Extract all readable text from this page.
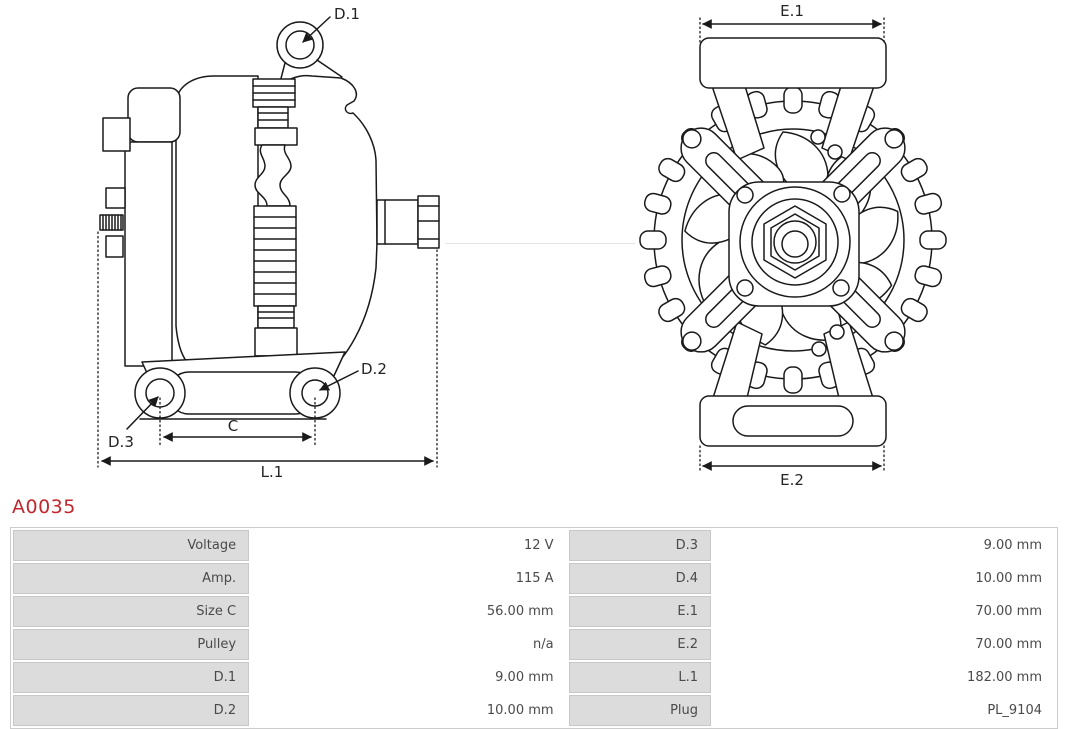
C
L.1
D.1
D.2
D.3
E.1
E.2
A0035
Voltage	12 V	D.3	9.00 mm
Amp.	115 A	D.4	10.00 mm
Size C	56.00 mm	E.1	70.00 mm
Pulley	n/a	E.2	70.00 mm
D.1	9.00 mm	L.1	182.00 mm
D.2	10.00 mm	Plug	PL_9104
